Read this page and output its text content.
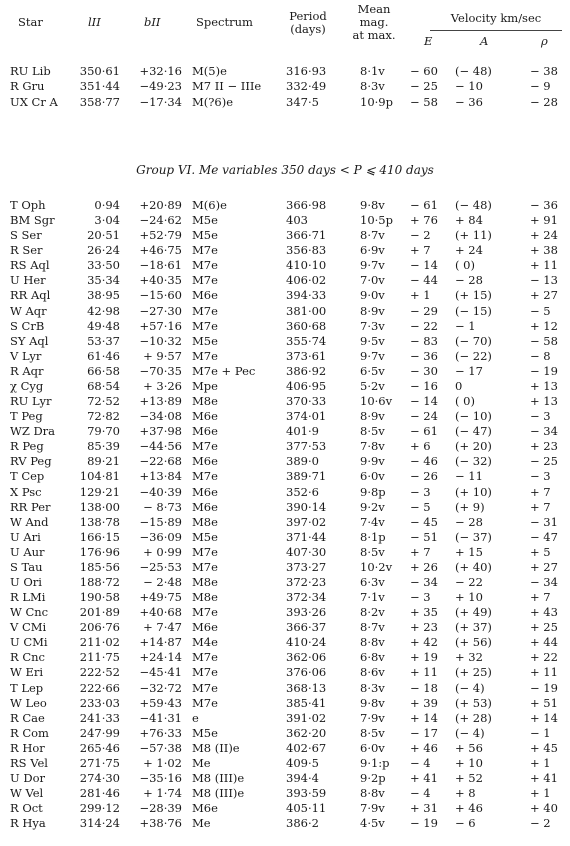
Star	lII	bII	Spectrum	Period
(days)
Mean
mag.
at max.
Velocity km/sec
E	A	ρ
RU Lib	350·61	+32·16 M(5)e	316·93	8·1v − 60	(− 48)	− 38
R Gru	351·44	−49·23 M7 II − IIIe 332·49	8·3v − 25	− 10	− 9
UX Cr A	358·77	−17·34 M(?6)e	347·5	10·9p − 58	− 36	− 28
Group VI. Me variables 350 days < P ⩽ 410 days
T Oph	0·94	+20·89 M(6)e	366·98	9·8v − 61	(− 48)	− 36
BM Sgr	3·04	−24·62 M5e	403	10·5p + 76	+ 84	+ 91
S Ser	20·51	+52·79 M5e	366·71	8·7v − 2	(+ 11)	+ 24
R Ser	26·24	+46·75 M7e	356·83	6·9v + 7	+ 24	+ 38
RS Aql	33·50	−18·61 M7e	410·10	9·7v − 14	( 0)	+ 11
U Her	35·34	+40·35 M7e	406·02	7·0v − 44	− 28	− 13
RR Aql	38·95	−15·60 M6e	394·33	9·0v + 1	(+ 15)	+ 27
W Aqr	42·98	−27·30 M7e	381·00	8·9v − 29	(− 15)	− 5
S CrB	49·48	+57·16 M7e	360·68	7·3v − 22	− 1	+ 12
SY Aql	53·37	−10·32 M5e	355·74	9·5v − 83	(− 70)	− 58
V Lyr	61·46	+ 9·57 M7e	373·61	9·7v − 36	(− 22)	− 8
R Aqr	66·58	−70·35 M7e + Pec	386·92	6·5v − 30	− 17	− 19
χ Cyg	68·54	+ 3·26 Mpe	406·95	5·2v − 16	0	+ 13
RU Lyr	72·52	+13·89 M8e	370·33	10·6v − 14	( 0)	+ 13
T Peg	72·82	−34·08 M6e	374·01	8·9v − 24	(− 10)	− 3
WZ Dra	79·70	+37·98 M6e	401·9	8·5v − 61	(− 47)	− 34
R Peg	85·39	−44·56 M7e	377·53	7·8v + 6	(+ 20)	+ 23
RV Peg	89·21	−22·68 M6e	389·0	9·9v − 46	(− 32)	− 25
T Cep	104·81	+13·84 M7e	389·71	6·0v − 26	− 11	− 3
X Psc	129·21	−40·39 M6e	352·6	9·8p − 3	(+ 10)	+ 7
RR Per	138·00	− 8·73 M6e	390·14	9·2v − 5	(+ 9)	+ 7
W And	138·78	−15·89 M8e	397·02	7·4v − 45	− 28	− 31
U Ari	166·15	−36·09 M5e	371·44	8·1p − 51	(− 37)	− 47
U Aur	176·96	+ 0·99 M7e	407·30	8·5v + 7	+ 15	+ 5
S Tau	185·56	−25·53 M7e	373·27	10·2v + 26	(+ 40)	+ 27
U Ori	188·72	− 2·48 M8e	372·23	6·3v − 34	− 22	− 34
R LMi	190·58	+49·75 M8e	372·34	7·1v − 3	+ 10	+ 7
W Cnc	201·89	+40·68 M7e	393·26	8·2v + 35	(+ 49)	+ 43
V CMi	206·76	+ 7·47 M6e	366·37	8·7v + 23	(+ 37)	+ 25
U CMi	211·02	+14·87 M4e	410·24	8·8v + 42	(+ 56)	+ 44
R Cnc	211·75	+24·14 M7e	362·06	6·8v + 19	+ 32	+ 22
W Eri	222·52	−45·41 M7e	376·06	8·6v + 11	(+ 25)	+ 11
T Lep	222·66	−32·72 M7e	368·13	8·3v − 18	(− 4)	− 19
W Leo	233·03	+59·43 M7e	385·41	9·8v + 39	(+ 53)	+ 51
R Cae	241·33	−41·31 e	391·02	7·9v + 14	(+ 28)	+ 14
R Com	247·99	+76·33 M5e	362·20	8·5v − 17	(− 4)	− 1
R Hor	265·46	−57·38 M8 (II)e	402·67	6·0v + 46	+ 56	+ 45
RS Vel	271·75	+ 1·02 Me	409·5	9·1:p − 4	+ 10	+ 1
U Dor	274·30	−35·16 M8 (III)e	394·4	9·2p + 41	+ 52	+ 41
W Vel	281·46	+ 1·74 M8 (III)e	393·59	8·8v − 4	+ 8	+ 1
R Oct	299·12	−28·39 M6e	405·11	7·9v + 31	+ 46	+ 40
R Hya	314·24	+38·76 Me	386·2	4·5v − 19	− 6	− 2
